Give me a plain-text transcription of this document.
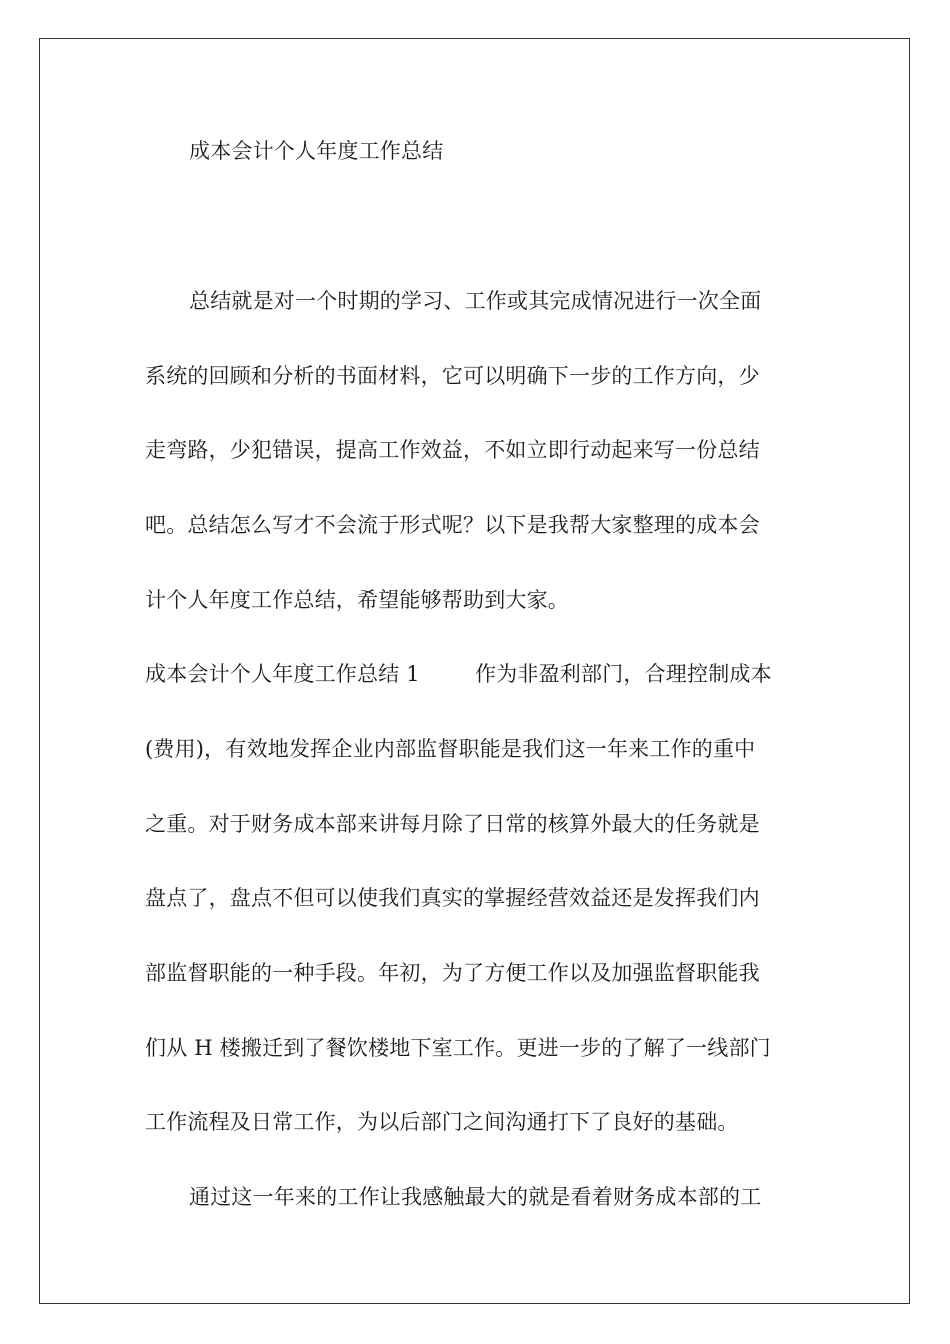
成本会计个人年度工作总结
总结就是对一个时期的学习、工作或其完成情况进行一次全面
系统的回顾和分析的书面材料，它可以明确下一步的工作方向，少
走弯路，少犯错误，提高工作效益，不如立即行动起来写一份总结
吧。总结怎么写才不会流于形式呢？以下是我帮大家整理的成本会
计个人年度工作总结，希望能够帮助到大家。
成本会计个人年度工作总结 1	作为非盈利部门，合理控制成本
(费用)，有效地发挥企业内部监督职能是我们这一年来工作的重中
之重。对于财务成本部来讲每月除了日常的核算外最大的任务就是
盘点了，盘点不但可以使我们真实的掌握经营效益还是发挥我们内
部监督职能的一种手段。年初，为了方便工作以及加强监督职能我
们从 H 楼搬迁到了餐饮楼地下室工作。更进一步的了解了一线部门
工作流程及日常工作，为以后部门之间沟通打下了良好的基础。
通过这一年来的工作让我感触最大的就是看着财务成本部的工
